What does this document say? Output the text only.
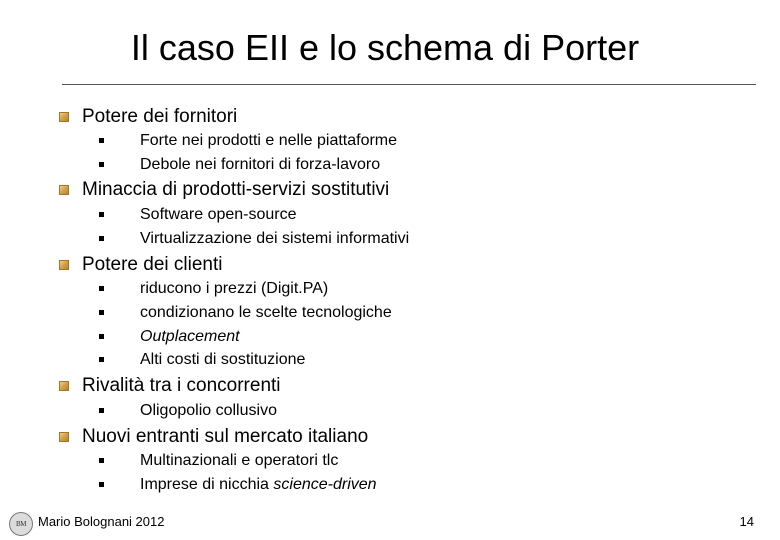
Il caso EII e lo schema di Porter
Potere dei fornitori
Forte nei prodotti e nelle piattaforme
Debole nei fornitori di forza-lavoro
Minaccia di prodotti-servizi sostitutivi
Software open-source
Virtualizzazione dei sistemi informativi
Potere dei clienti
riducono i prezzi (Digit.PA)
condizionano le scelte tecnologiche
Outplacement
Alti costi di sostituzione
Rivalità tra i concorrenti
Oligopolio collusivo
Nuovi entranti sul mercato italiano
Multinazionali e operatori tlc
Imprese di nicchia science-driven
BM Mario Bolognani 2012	14
